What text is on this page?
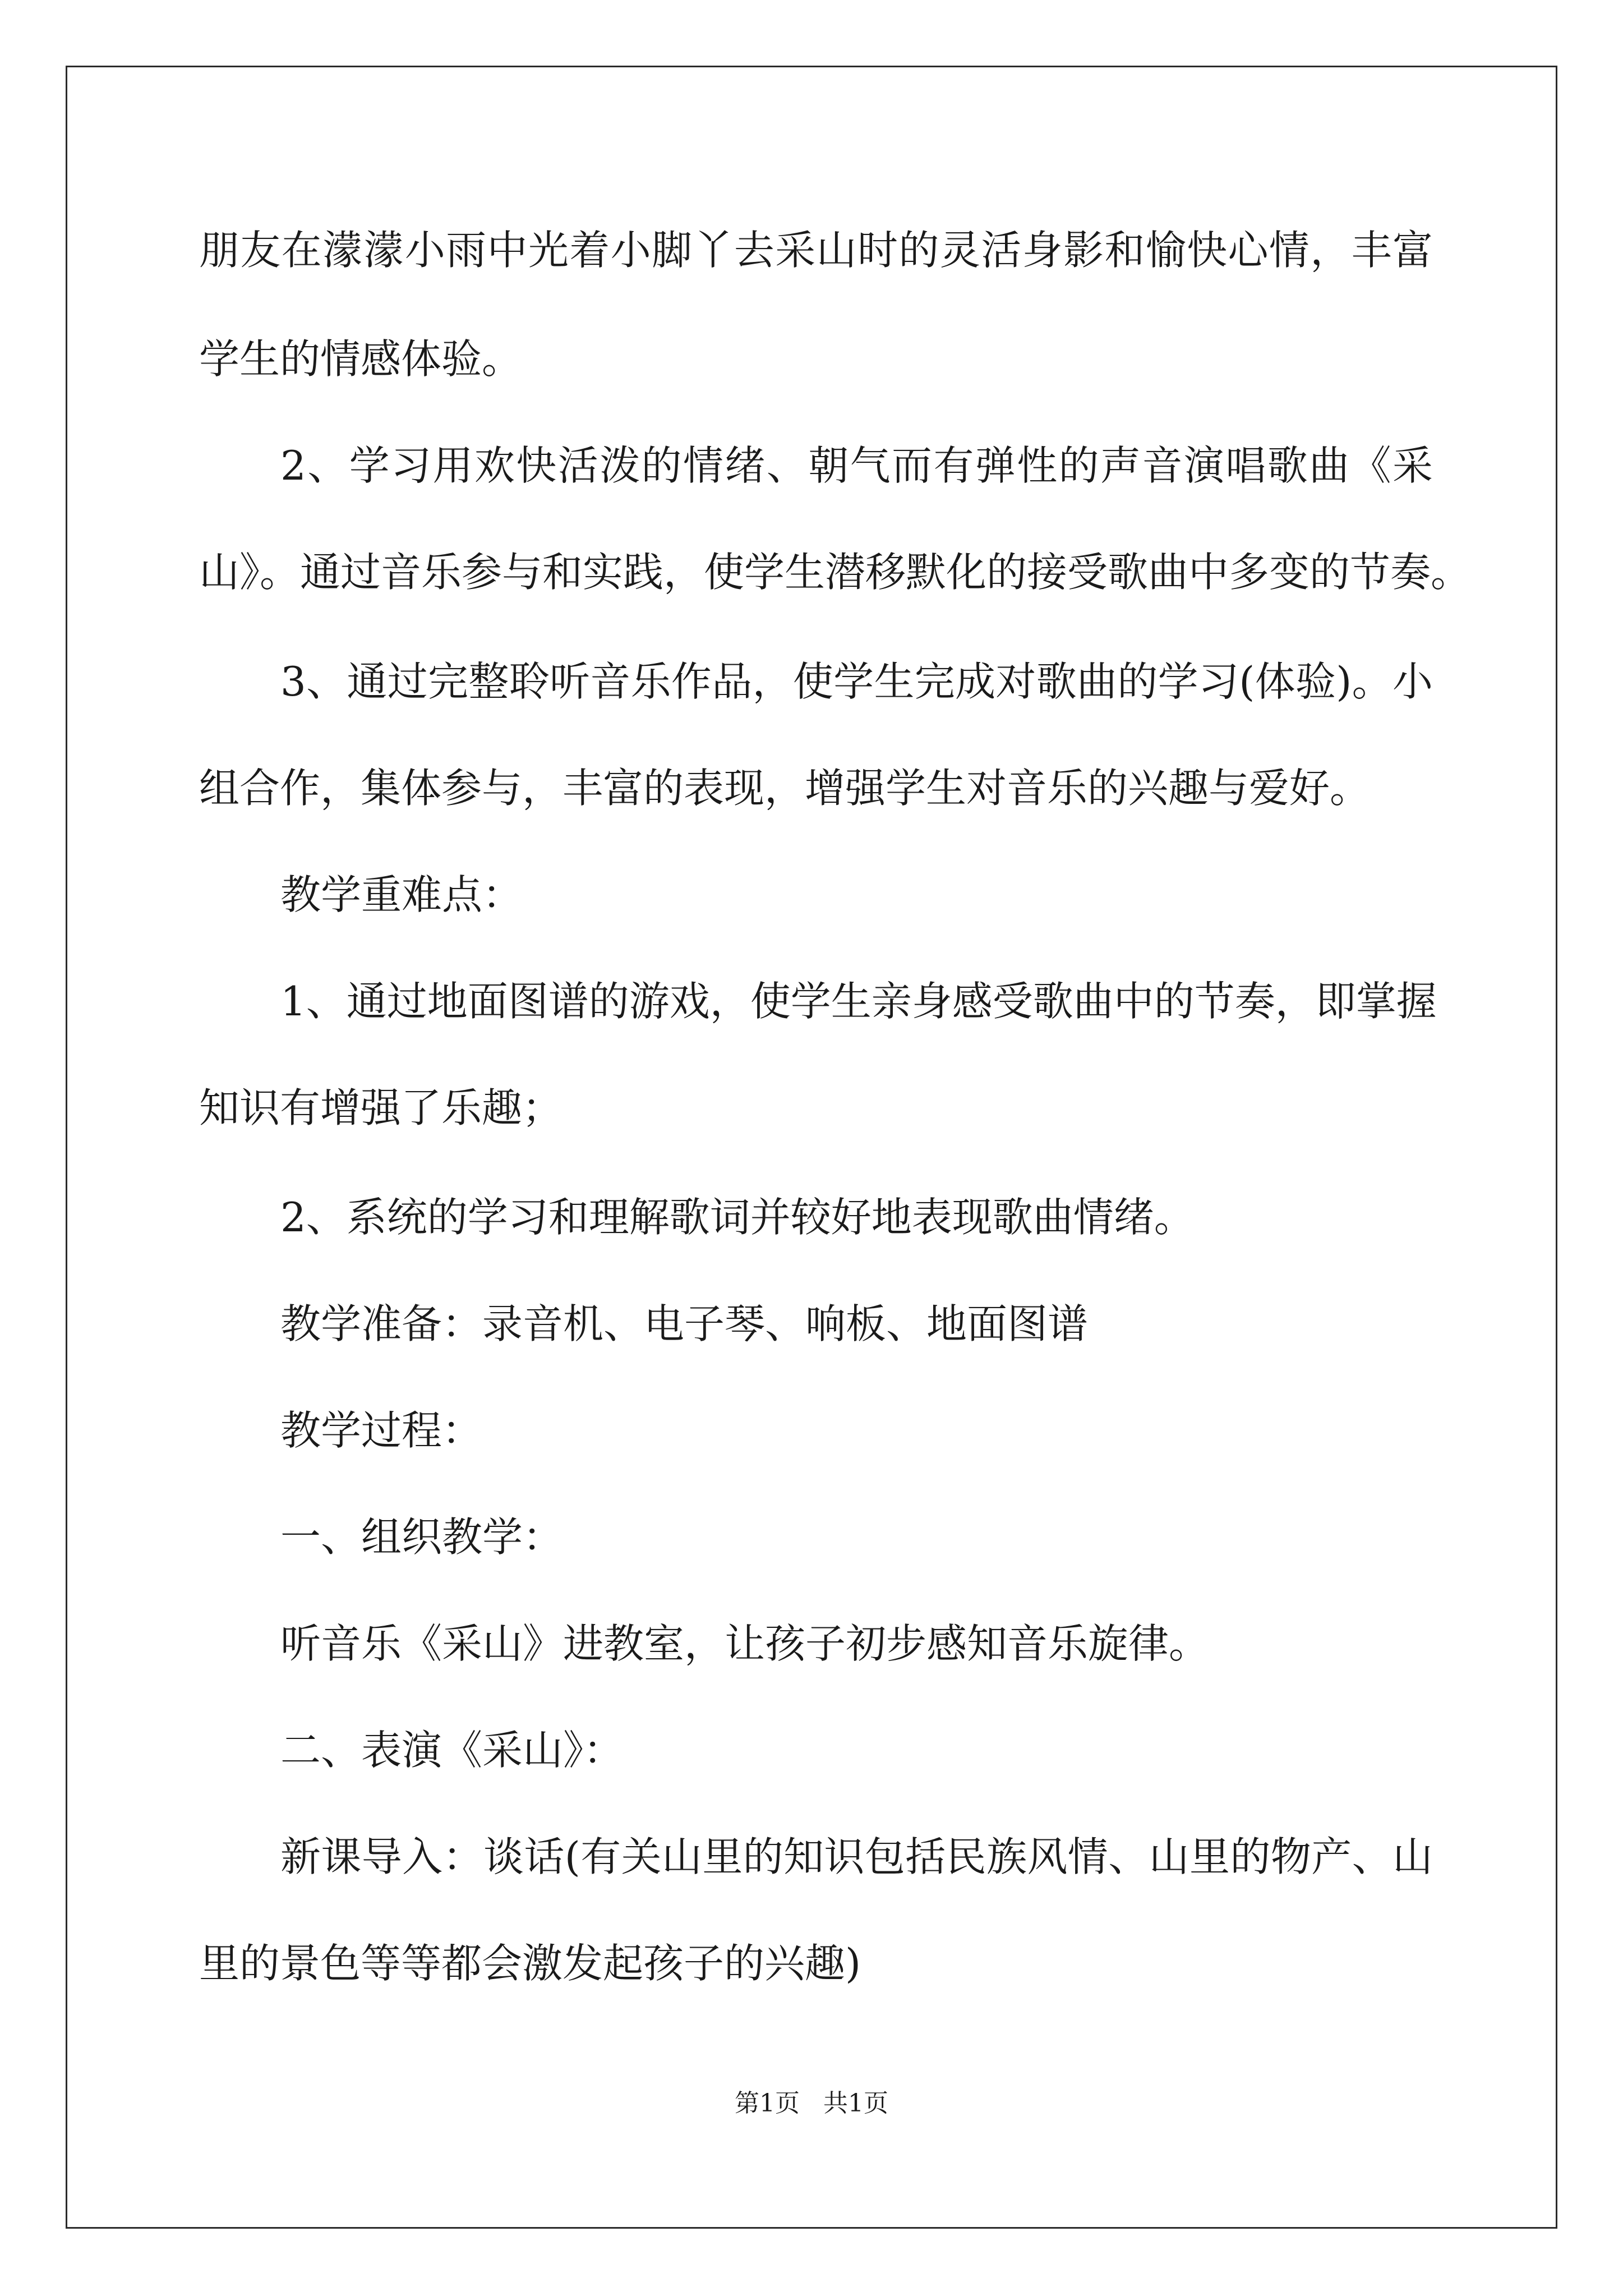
朋友在濛濛小雨中光着小脚丫去采山时的灵活身影和愉快心情，丰富
学生的情感体验。
2、学习用欢快活泼的情绪、朝气而有弹性的声音演唱歌曲《采
山》。通过音乐参与和实践，使学生潜移默化的接受歌曲中多变的节奏。
3、通过完整聆听音乐作品，使学生完成对歌曲的学习(体验)。小
组合作，集体参与，丰富的表现，增强学生对音乐的兴趣与爱好。
教学重难点：
1、通过地面图谱的游戏，使学生亲身感受歌曲中的节奏，即掌握
知识有增强了乐趣；
2、系统的学习和理解歌词并较好地表现歌曲情绪。
教学准备：录音机、电子琴、响板、地面图谱
教学过程：
一、组织教学：
听音乐《采山》进教室，让孩子初步感知音乐旋律。
二、表演《采山》：
新课导入：谈话(有关山里的知识包括民族风情、山里的物产、山
里的景色等等都会激发起孩子的兴趣)
第1页   共1页
